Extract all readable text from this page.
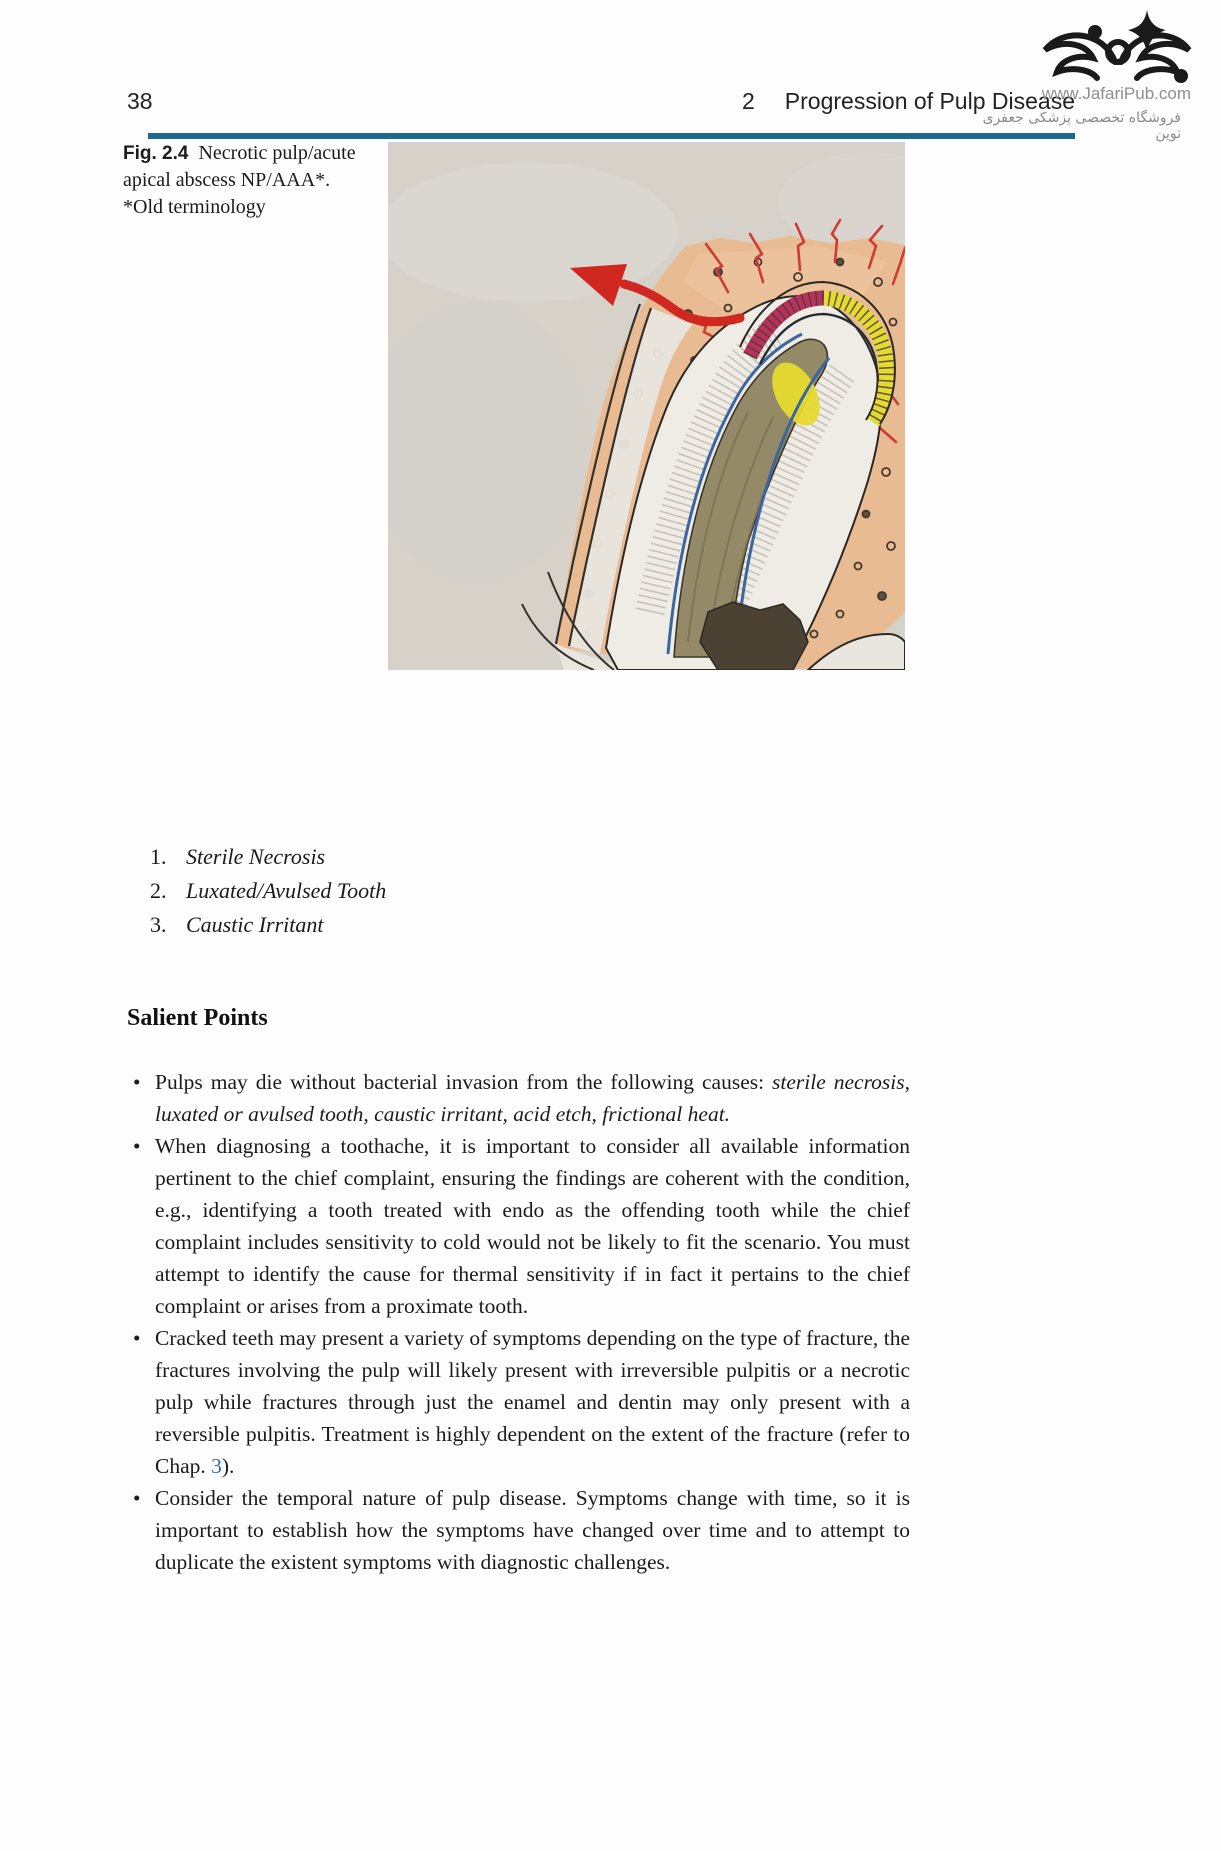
38	2 Progression of Pulp Disease
www.JafariPub.com
فروشگاه تخصصی پزشکی جعفری نوین
Fig. 2.4 Necrotic pulp/acute apical abscess NP/AAA*. *Old terminology
1. Sterile Necrosis
2. Luxated/Avulsed Tooth
3. Caustic Irritant
Salient Points
• Pulps may die without bacterial invasion from the following causes: sterile necrosis, luxated or avulsed tooth, caustic irritant, acid etch, frictional heat.
• When diagnosing a toothache, it is important to consider all available information pertinent to the chief complaint, ensuring the findings are coherent with the condition, e.g., identifying a tooth treated with endo as the offending tooth while the chief complaint includes sensitivity to cold would not be likely to fit the scenario. You must attempt to identify the cause for thermal sensitivity if in fact it pertains to the chief complaint or arises from a proximate tooth.
• Cracked teeth may present a variety of symptoms depending on the type of fracture, the fractures involving the pulp will likely present with irreversible pulpitis or a necrotic pulp while fractures through just the enamel and dentin may only present with a reversible pulpitis. Treatment is highly dependent on the extent of the fracture (refer to Chap. 3).
• Consider the temporal nature of pulp disease. Symptoms change with time, so it is important to establish how the symptoms have changed over time and to attempt to duplicate the existent symptoms with diagnostic challenges.
